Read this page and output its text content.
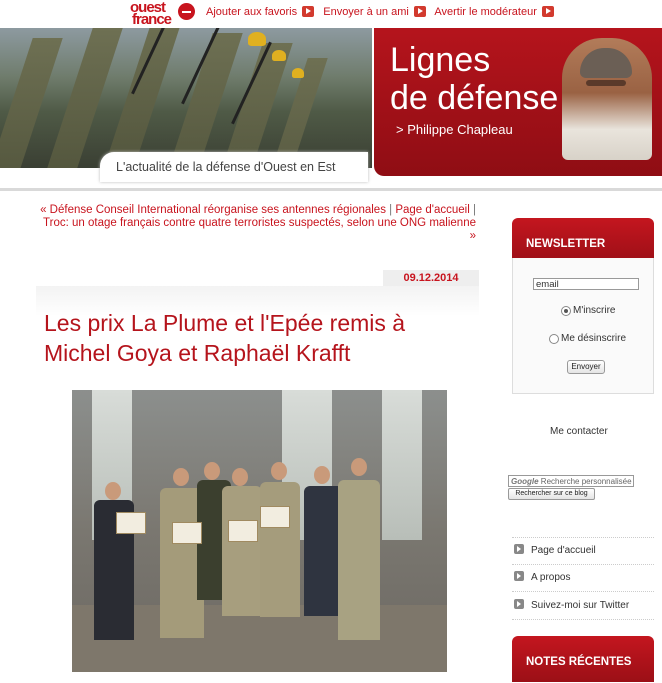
ouest
france	Ajouter aux favoris Envoyer à un ami Avertir le modérateur
L'actualité de la défense d'Ouest en Est
Lignes
de défense
> Philippe Chapleau
« Défense Conseil International réorganise ses antennes régionales | Page d'accueil |
Troc: un otage français contre quatre terroristes suspectés, selon une ONG malienne »
09.12.2014
Les prix La Plume et l'Epée remis à Michel Goya et Raphaël Krafft
NEWSLETTER
email
M'inscrire
Me désinscrire
Envoyer
Me contacter
Google Recherche personnalisée
Rechercher sur ce blog
Page d'accueil
A propos
Suivez-moi sur Twitter
NOTES RÉCENTES
